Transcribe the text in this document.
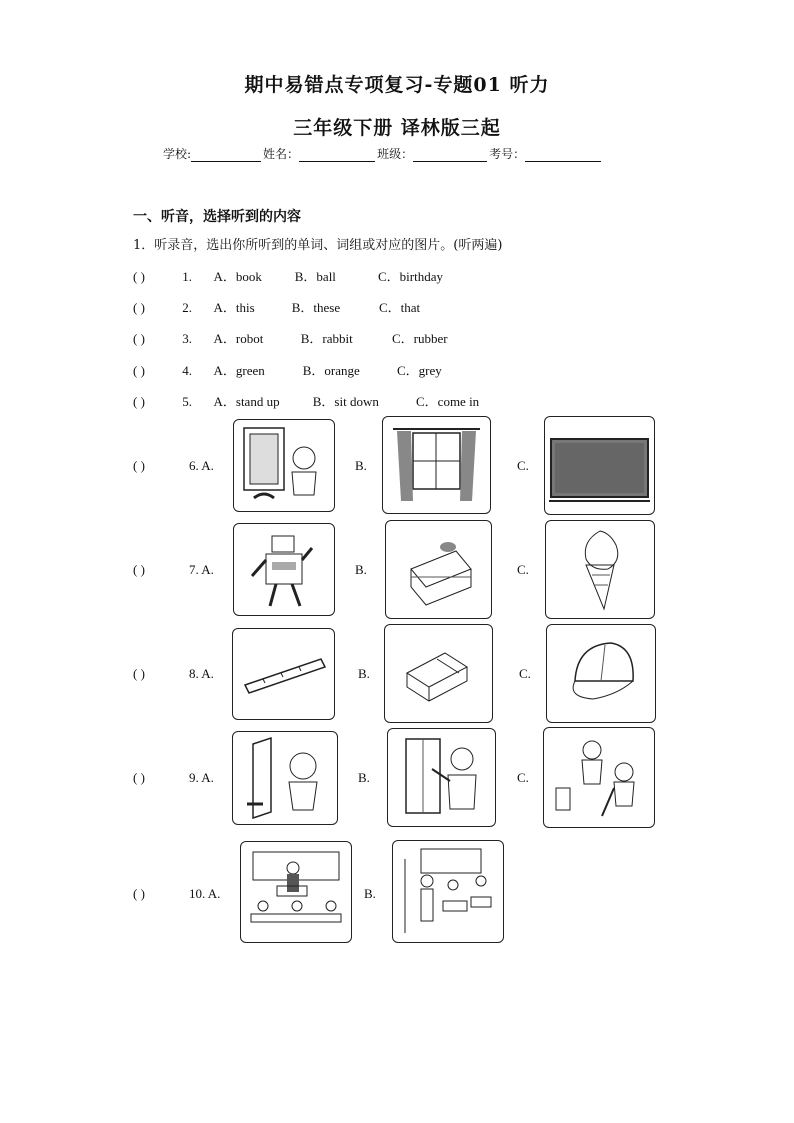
期中易错点专项复习-专题01 听力
三年级下册 译林版三起
学校:	姓名：	班级：	考号：
一、听音，选择听到的内容
1．听录音，选出你所听到的单词、词组或对应的图片。(听两遍)
( )	1. A．book	B．ball	C．birthday
( )	2. A．this	B．these	C．that
( )	3. A．robot	B．rabbit	C．rubber
( )	4. A．green	B．orange	C．grey
( )	5. A．stand up	B．sit down	C．come in
( )	6. A.	B.	C.
( )	7. A.	B.	C.
( )	8. A.	B.	C.
( )	9. A.	B.	C.
( )	10. A.	B.
